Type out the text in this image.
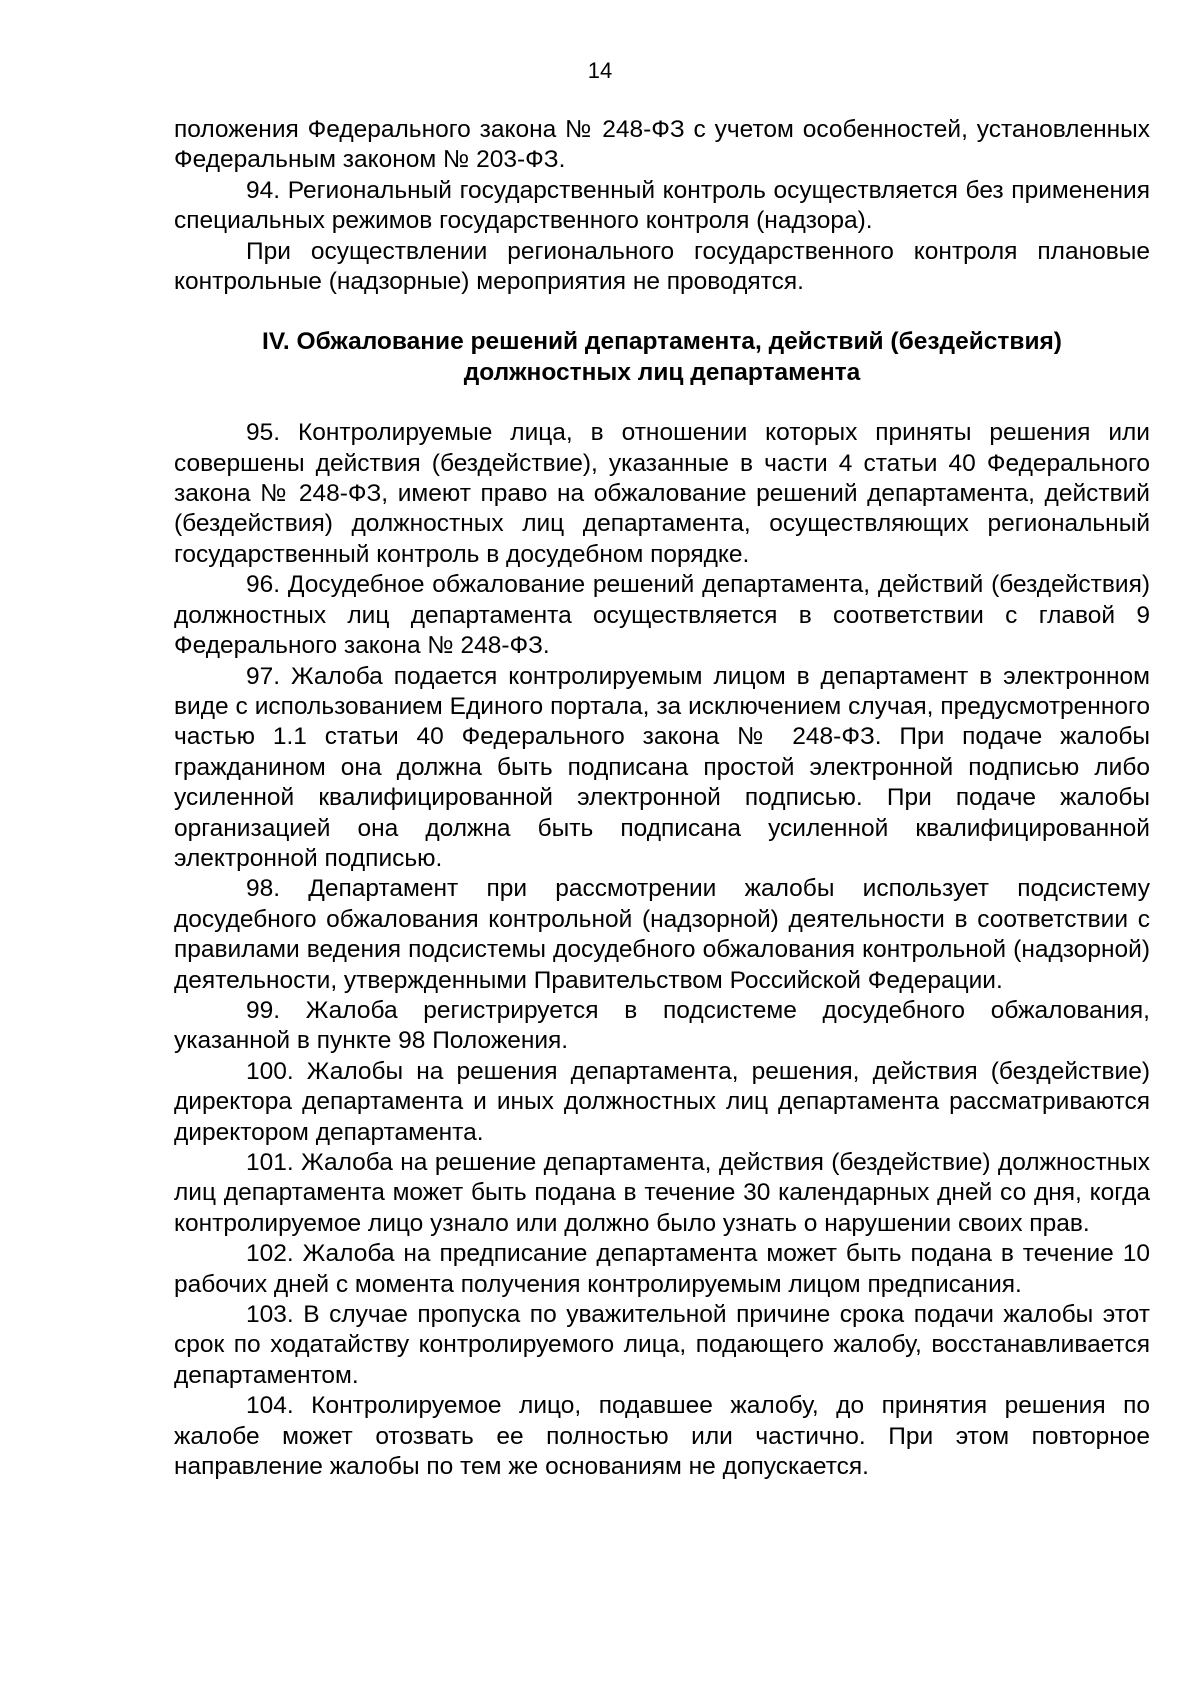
14

положения Федерального закона № 248-ФЗ с учетом особенностей, установленных Федеральным законом № 203-ФЗ.

94. Региональный государственный контроль осуществляется без применения специальных режимов государственного контроля (надзора).

При осуществлении регионального государственного контроля плановые контрольные (надзорные) мероприятия не проводятся.

IV. Обжалование решений департамента, действий (бездействия)
должностных лиц департамента

95. Контролируемые лица, в отношении которых приняты решения или совершены действия (бездействие), указанные в части 4 статьи 40 Федерального закона № 248-ФЗ, имеют право на обжалование решений департамента, действий (бездействия) должностных лиц департамента, осуществляющих региональный государственный контроль в досудебном порядке.

96. Досудебное обжалование решений департамента, действий (бездействия) должностных лиц департамента осуществляется в соответствии с главой 9 Федерального закона № 248-ФЗ.

97. Жалоба подается контролируемым лицом в департамент в электронном виде с использованием Единого портала, за исключением случая, предусмотренного частью 1.1 статьи 40 Федерального закона № 248-ФЗ. При подаче жалобы гражданином она должна быть подписана простой электронной подписью либо усиленной квалифицированной электронной подписью. При подаче жалобы организацией она должна быть подписана усиленной квалифицированной электронной подписью.

98. Департамент при рассмотрении жалобы использует подсистему досудебного обжалования контрольной (надзорной) деятельности в соответствии с правилами ведения подсистемы досудебного обжалования контрольной (надзорной) деятельности, утвержденными Правительством Российской Федерации.

99. Жалоба регистрируется в подсистеме досудебного обжалования, указанной в пункте 98 Положения.

100. Жалобы на решения департамента, решения, действия (бездействие) директора департамента и иных должностных лиц департамента рассматриваются директором департамента.

101. Жалоба на решение департамента, действия (бездействие) должностных лиц департамента может быть подана в течение 30 календарных дней со дня, когда контролируемое лицо узнало или должно было узнать о нарушении своих прав.

102. Жалоба на предписание департамента может быть подана в течение 10 рабочих дней с момента получения контролируемым лицом предписания.

103. В случае пропуска по уважительной причине срока подачи жалобы этот срок по ходатайству контролируемого лица, подающего жалобу, восстанавливается департаментом.

104. Контролируемое лицо, подавшее жалобу, до принятия решения по жалобе может отозвать ее полностью или частично. При этом повторное направление жалобы по тем же основаниям не допускается.
